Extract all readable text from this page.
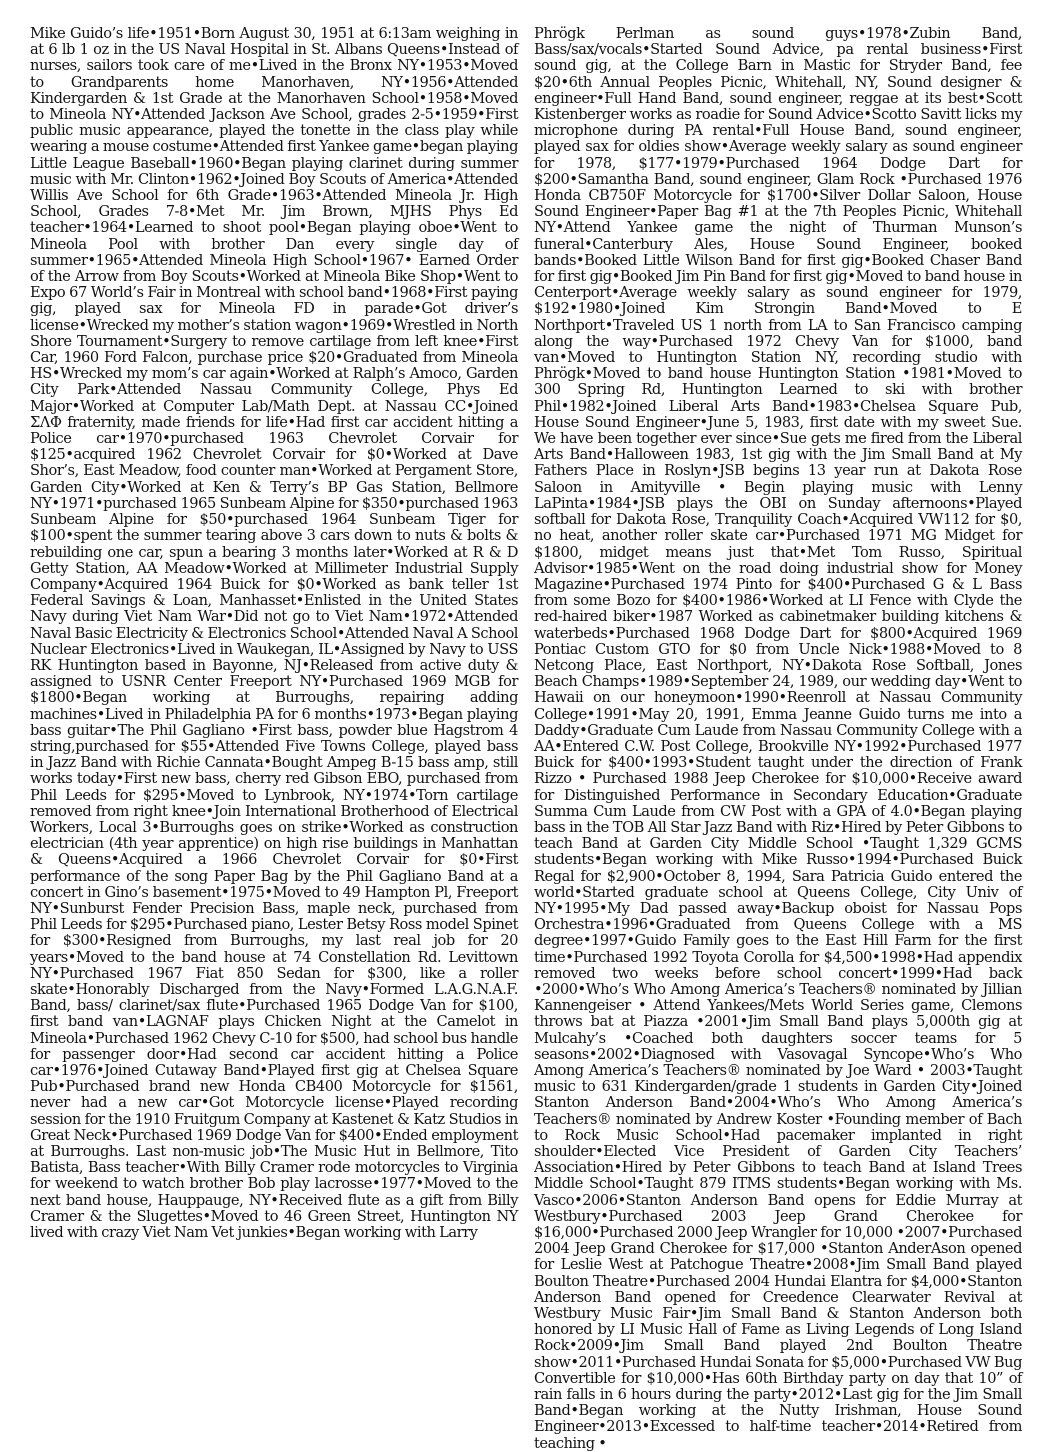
Mike Guido’s life•1951•Born August 30, 1951 at 6:13am weighing in at 6 lb 1 oz in the US Naval Hospital in St. Albans Queens•Instead of nurses, sailors took care of me•Lived in the Bronx NY•1953•Moved to Grandparents home Manorhaven, NY•1956•Attended Kindergarden & 1st Grade at the Manorhaven School•1958•Moved to Mineola NY•Attended Jackson Ave School, grades 2-5•1959•First public music appearance, played the tonette in the class play while wearing a mouse costume•Attended first Yankee game•began playing Little League Baseball•1960•Began playing clarinet during summer music with Mr. Clinton•1962•Joined Boy Scouts of America•Attended Willis Ave School for 6th Grade•1963•Attended Mineola Jr. High School, Grades 7-8•Met Mr. Jim Brown, MJHS Phys Ed teacher•1964•Learned to shoot pool•Began playing oboe•Went to Mineola Pool with brother Dan every single day of summer•1965•Attended Mineola High School•1967• Earned Order of the Arrow from Boy Scouts•Worked at Mineola Bike Shop•Went to Expo 67 World’s Fair in Montreal with school band•1968•First paying gig, played sax for Mineola FD in parade•Got driver’s license•Wrecked my mother’s station wagon•1969•Wrestled in North Shore Tournament•Surgery to remove cartilage from left knee•First Car, 1960 Ford Falcon, purchase price $20•Graduated from Mineola HS•Wrecked my mom’s car again•Worked at Ralph’s Amoco, Garden City Park•Attended Nassau Community College, Phys Ed Major•Worked at Computer Lab/Math Dept. at Nassau CC•Joined ΣΛΦ fraternity, made friends for life•Had first car accident hitting a Police car•1970•purchased 1963 Chevrolet Corvair for $125•acquired 1962 Chevrolet Corvair for $0•Worked at Dave Shor’s, East Meadow, food counter man•Worked at Pergament Store, Garden City•Worked at Ken & Terry’s BP Gas Station, Bellmore NY•1971•purchased 1965 Sunbeam Alpine for $350•purchased 1963 Sunbeam Alpine for $50•purchased 1964 Sunbeam Tiger for $100•spent the summer tearing above 3 cars down to nuts & bolts & rebuilding one car, spun a bearing 3 months later•Worked at R & D Getty Station, AA Meadow•Worked at Millimeter Industrial Supply Company•Acquired 1964 Buick for $0•Worked as bank teller 1st Federal Savings & Loan, Manhasset•Enlisted in the United States Navy during Viet Nam War•Did not go to Viet Nam•1972•Attended Naval Basic Electricity & Electronics School•Attended Naval A School Nuclear Electronics•Lived in Waukegan, IL•Assigned by Navy to USS RK Huntington based in Bayonne, NJ•Released from active duty & assigned to USNR Center Freeport NY•Purchased 1969 MGB for $1800•Began working at Burroughs, repairing adding machines•Lived in Philadelphia PA for 6 months•1973•Began playing bass guitar•The Phil Gagliano •First bass, powder blue Hagstrom 4 string,purchased for $55•Attended Five Towns College, played bass in Jazz Band with Richie Cannata•Bought Ampeg B-15 bass amp, still works today•First new bass, cherry red Gibson EBO, purchased from Phil Leeds for $295•Moved to Lynbrook, NY•1974•Torn cartilage removed from right knee•Join International Brotherhood of Electrical Workers, Local 3•Burroughs goes on strike•Worked as construction electrician (4th year apprentice) on high rise buildings in Manhattan & Queens•Acquired a 1966 Chevrolet Corvair for $0•First performance of the song Paper Bag by the Phil Gagliano Band at a concert in Gino’s basement•1975•Moved to 49 Hampton Pl, Freeport NY•Sunburst Fender Precision Bass, maple neck, purchased from Phil Leeds for $295•Purchased piano, Lester Betsy Ross model Spinet for $300•Resigned from Burroughs, my last real job for 20 years•Moved to the band house at 74 Constellation Rd. Levittown NY•Purchased 1967 Fiat 850 Sedan for $300, like a roller skate•Honorably Discharged from the Navy•Formed L.A.G.N.A.F. Band, bass/ clarinet/sax flute•Purchased 1965 Dodge Van for $100, first band van•LAGNAF plays Chicken Night at the Camelot in Mineola•Purchased 1962 Chevy C-10 for $500, had school bus handle for passenger door•Had second car accident hitting a Police car•1976•Joined Cutaway Band•Played first gig at Chelsea Square Pub•Purchased brand new Honda CB400 Motorcycle for $1561, never had a new car•Got Motorcycle license•Played recording session for the 1910 Fruitgum Company at Kastenet & Katz Studios in Great Neck•Purchased 1969 Dodge Van for $400•Ended employment at Burroughs. Last non-music job•The Music Hut in Bellmore, Tito Batista, Bass teacher•With Billy Cramer rode motorcycles to Virginia for weekend to watch brother Bob play lacrosse•1977•Moved to the next band house, Hauppauge, NY•Received flute as a gift from Billy Cramer & the Slugettes•Moved to 46 Green Street, Huntington NY lived with crazy Viet Nam Vet junkies•Began working with Larry

Phrögk Perlman as sound guys•1978•Zubin Band, Bass/sax/vocals•Started Sound Advice, pa rental business•First sound gig, at the College Barn in Mastic for Stryder Band, fee $20•6th Annual Peoples Picnic, Whitehall, NY, Sound designer & engineer•Full Hand Band, sound engineer, reggae at its best•Scott Kistenberger works as roadie for Sound Advice•Scotto Savitt licks my microphone during PA rental•Full House Band, sound engineer, played sax for oldies show•Average weekly salary as sound engineer for 1978, $177•1979•Purchased 1964 Dodge Dart for $200•Samantha Band, sound engineer, Glam Rock •Purchased 1976 Honda CB750F Motorcycle for $1700•Silver Dollar Saloon, House Sound Engineer•Paper Bag #1 at the 7th Peoples Picnic, Whitehall NY•Attend Yankee game the night of Thurman Munson’s funeral•Canterbury Ales, House Sound Engineer, booked bands•Booked Little Wilson Band for first gig•Booked Chaser Band for first gig•Booked Jim Pin Band for first gig•Moved to band house in Centerport•Average weekly salary as sound engineer for 1979, $192•1980•Joined Kim Strongin Band•Moved to E Northport•Traveled US 1 north from LA to San Francisco camping along the way•Purchased 1972 Chevy Van for $1000, band van•Moved to Huntington Station NY, recording studio with Phrögk•Moved to band house Huntington Station •1981•Moved to 300 Spring Rd, Huntington Learned to ski with brother Phil•1982•Joined Liberal Arts Band•1983•Chelsea Square Pub, House Sound Engineer•June 5, 1983, first date with my sweet Sue. We have been together ever since•Sue gets me fired from the Liberal Arts Band•Halloween 1983, 1st gig with the Jim Small Band at My Fathers Place in Roslyn•JSB begins 13 year run at Dakota Rose Saloon in Amityville • Begin playing music with Lenny LaPinta•1984•JSB plays the OBI on Sunday afternoons•Played softball for Dakota Rose, Tranquility Coach•Acquired VW112 for $0, no heat, another roller skate car•Purchased 1971 MG Midget for $1800, midget means just that•Met Tom Russo, Spiritual Advisor•1985•Went on the road doing industrial show for Money Magazine•Purchased 1974 Pinto for $400•Purchased G & L Bass from some Bozo for $400•1986•Worked at LI Fence with Clyde the red-haired biker•1987 Worked as cabinetmaker building kitchens & waterbeds•Purchased 1968 Dodge Dart for $800•Acquired 1969 Pontiac Custom GTO for $0 from Uncle Nick•1988•Moved to 8 Netcong Place, East Northport, NY•Dakota Rose Softball, Jones Beach Champs•1989•September 24, 1989, our wedding day•Went to Hawaii on our honeymoon•1990•Reenroll at Nassau Community College•1991•May 20, 1991, Emma Jeanne Guido turns me into a Daddy•Graduate Cum Laude from Nassau Community College with a AA•Entered C.W. Post College, Brookville NY•1992•Purchased 1977 Buick for $400•1993•Student taught under the direction of Frank Rizzo • Purchased 1988 Jeep Cherokee for $10,000•Receive award for Distinguished Performance in Secondary Education•Graduate Summa Cum Laude from CW Post with a GPA of 4.0•Began playing bass in the TOB All Star Jazz Band with Riz•Hired by Peter Gibbons to teach Band at Garden City Middle School •Taught 1,329 GCMS students•Began working with Mike Russo•1994•Purchased Buick Regal for $2,900•October 8, 1994, Sara Patricia Guido entered the world•Started graduate school at Queens College, City Univ of NY•1995•My Dad passed away•Backup oboist for Nassau Pops Orchestra•1996•Graduated from Queens College with a MS degree•1997•Guido Family goes to the East Hill Farm for the first time•Purchased 1992 Toyota Corolla for $4,500•1998•Had appendix removed two weeks before school concert•1999•Had back •2000•Who’s Who Among America’s Teachers® nominated by Jillian Kannengeiser • Attend Yankees/Mets World Series game, Clemons throws bat at Piazza •2001•Jim Small Band plays 5,000th gig at Mulcahy’s •Coached both daughters soccer teams for 5 seasons•2002•Diagnosed with Vasovagal Syncope•Who’s Who Among America’s Teachers® nominated by Joe Ward • 2003•Taught music to 631 Kindergarden/grade 1 students in Garden City•Joined Stanton Anderson Band•2004•Who’s Who Among America’s Teachers® nominated by Andrew Koster •Founding member of Bach to Rock Music School•Had pacemaker implanted in right shoulder•Elected Vice President of Garden City Teachers’ Association•Hired by Peter Gibbons to teach Band at Island Trees Middle School•Taught 879 ITMS students•Began working with Ms. Vasco•2006•Stanton Anderson Band opens for Eddie Murray at Westbury•Purchased 2003 Jeep Grand Cherokee for $16,000•Purchased 2000 Jeep Wrangler for 10,000 •2007•Purchased 2004 Jeep Grand Cherokee for $17,000 •Stanton AnderAson opened for Leslie West at Patchogue Theatre•2008•Jim Small Band played Boulton Theatre•Purchased 2004 Hundai Elantra for $4,000•Stanton Anderson Band opened for Creedence Clearwater Revival at Westbury Music Fair•Jim Small Band & Stanton Anderson both honored by LI Music Hall of Fame as Living Legends of Long Island Rock•2009•Jim Small Band played 2nd Boulton Theatre show•2011•Purchased Hundai Sonata for $5,000•Purchased VW Bug Convertible for $10,000•Has 60th Birthday party on day that 10” of rain falls in 6 hours during the party•2012•Last gig for the Jim Small Band•Began working at the Nutty Irishman, House Sound Engineer•2013•Excessed to half-time teacher•2014•Retired from teaching •
